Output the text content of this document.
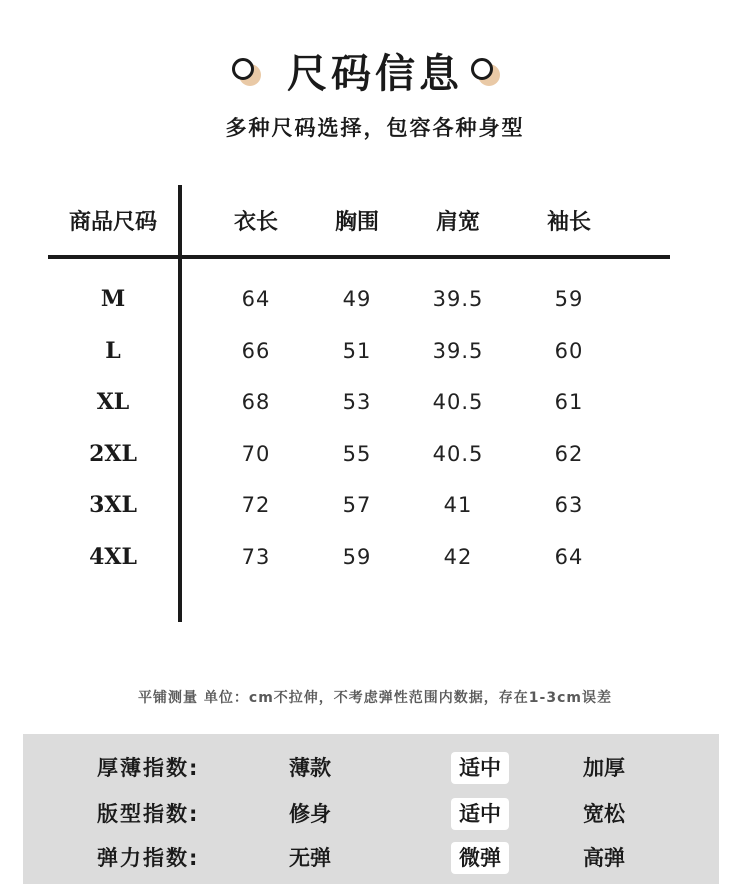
尺码信息
多种尺码选择，包容各种身型
商品尺码	衣长	胸围	肩宽	袖长
M	64	49	39.5	59
L	66	51	39.5	60
XL	68	53	40.5	61
2XL	70	55	40.5	62
3XL	72	57	41	63
4XL	73	59	42	64
平铺测量 单位：cm不拉伸，不考虑弹性范围内数据，存在1-3cm误差
厚薄指数:	薄款	适中	加厚
版型指数:	修身	适中	宽松
弹力指数:	无弹	微弹	高弹
